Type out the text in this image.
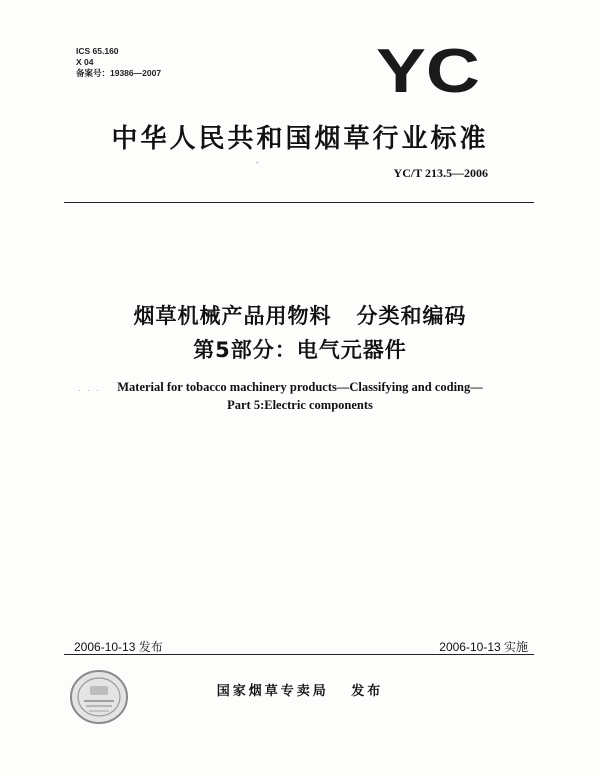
ICS 65.160
X 04
备案号：19386—2007	YC
中华人民共和国烟草行业标准
-
YC/T 213.5—2006
烟草机械产品用物料   分类和编码
第5部分：电气元器件
. . .	Material for tobacco machinery products—Classifying and coding—
Part 5:Electric components
2006-10-13 发布	2006-10-13 实施
国家烟草专卖局   发布
